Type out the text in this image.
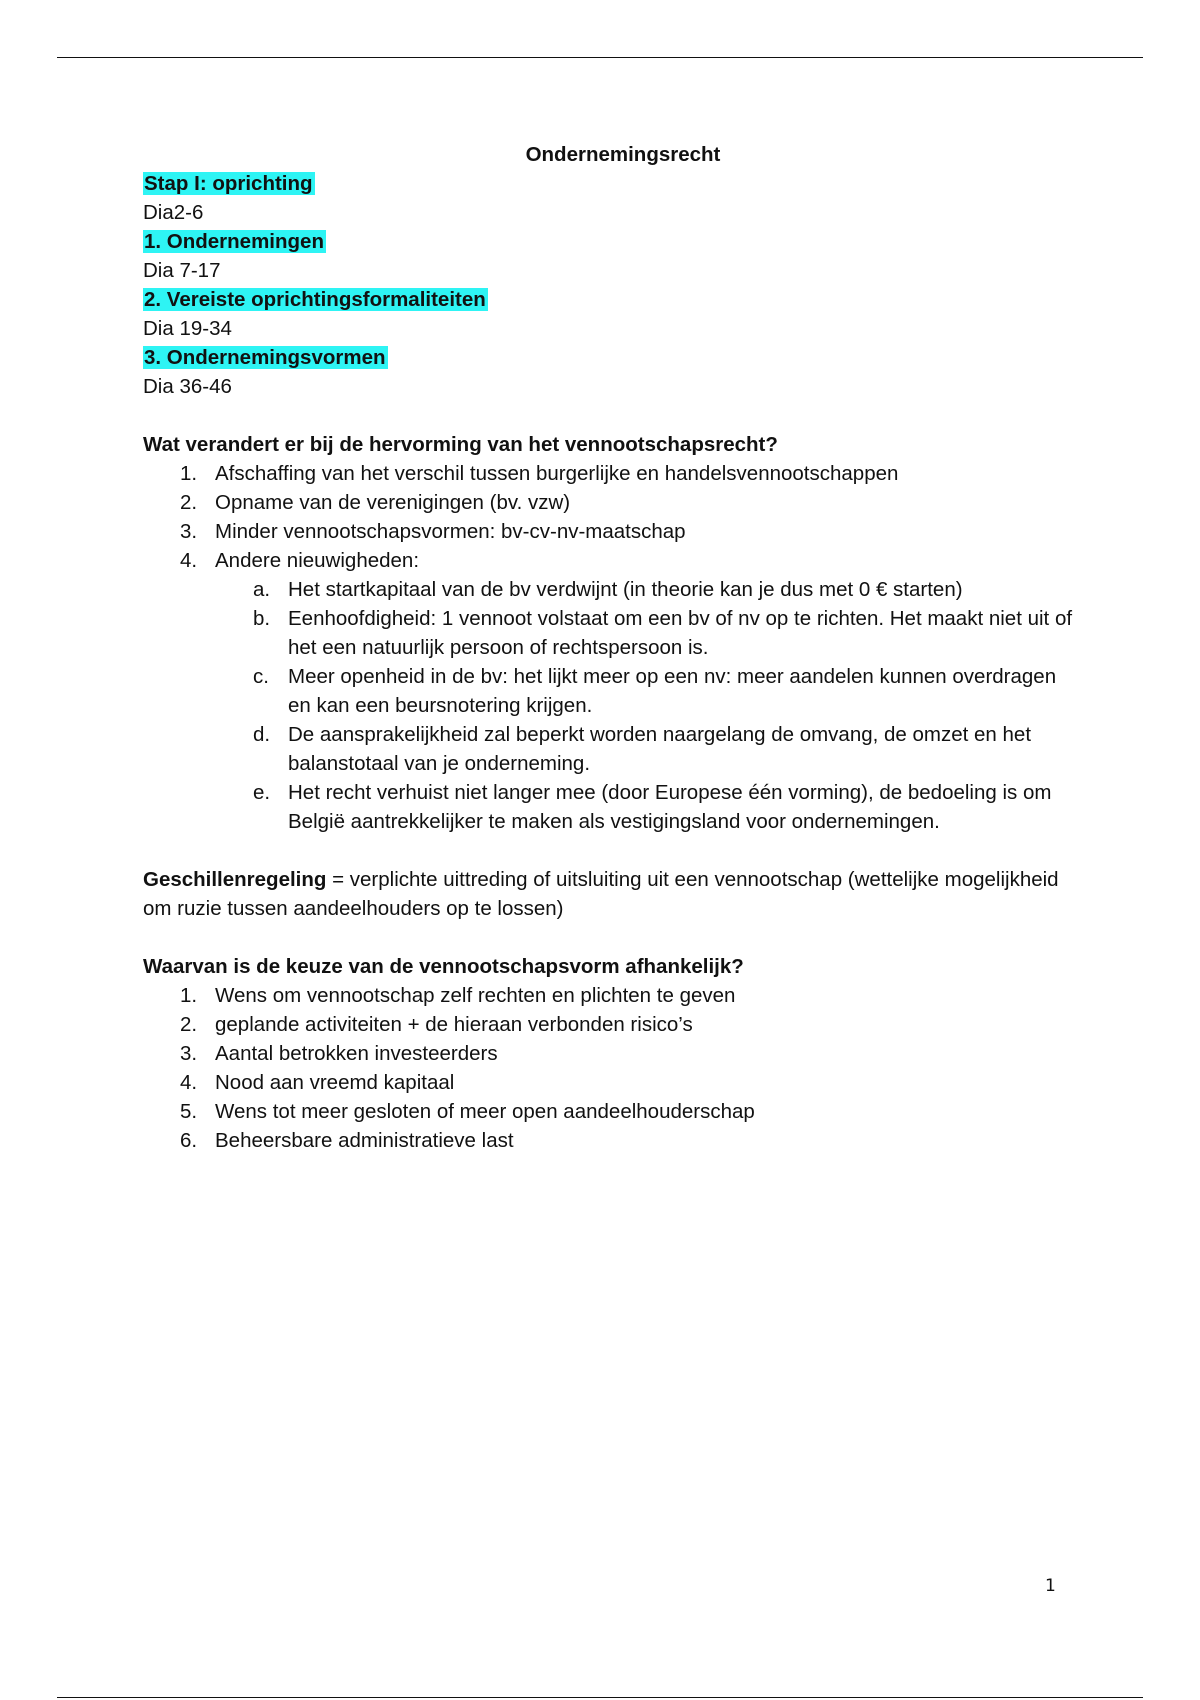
Ondernemingsrecht
Stap I: oprichting
Dia2-6
1. Ondernemingen
Dia 7-17
2. Vereiste oprichtingsformaliteiten
Dia 19-34
3. Ondernemingsvormen
Dia 36-46
Wat verandert er bij de hervorming van het vennootschapsrecht?
1. Afschaffing van het verschil tussen burgerlijke en handelsvennootschappen
2. Opname van de verenigingen (bv. vzw)
3. Minder vennootschapsvormen: bv-cv-nv-maatschap
4. Andere nieuwigheden:
a. Het startkapitaal van de bv verdwijnt (in theorie kan je dus met 0 € starten)
b. Eenhoofdigheid: 1 vennoot volstaat om een bv of nv op te richten. Het maakt niet uit of het een natuurlijk persoon of rechtspersoon is.
c. Meer openheid in de bv: het lijkt meer op een nv: meer aandelen kunnen overdragen en kan een beursnotering krijgen.
d. De aansprakelijkheid zal beperkt worden naargelang de omvang, de omzet en het balanstotaal van je onderneming.
e. Het recht verhuist niet langer mee (door Europese één vorming), de bedoeling is om België aantrekkelijker te maken als vestigingsland voor ondernemingen.
Geschillenregeling = verplichte uittreding of uitsluiting uit een vennootschap (wettelijke mogelijkheid om ruzie tussen aandeelhouders op te lossen)
Waarvan is de keuze van de vennootschapsvorm afhankelijk?
1. Wens om vennootschap zelf rechten en plichten te geven
2. geplande activiteiten + de hieraan verbonden risico’s
3. Aantal betrokken investeerders
4. Nood aan vreemd kapitaal
5. Wens tot meer gesloten of meer open aandeelhouderschap
6. Beheersbare administratieve last
1
